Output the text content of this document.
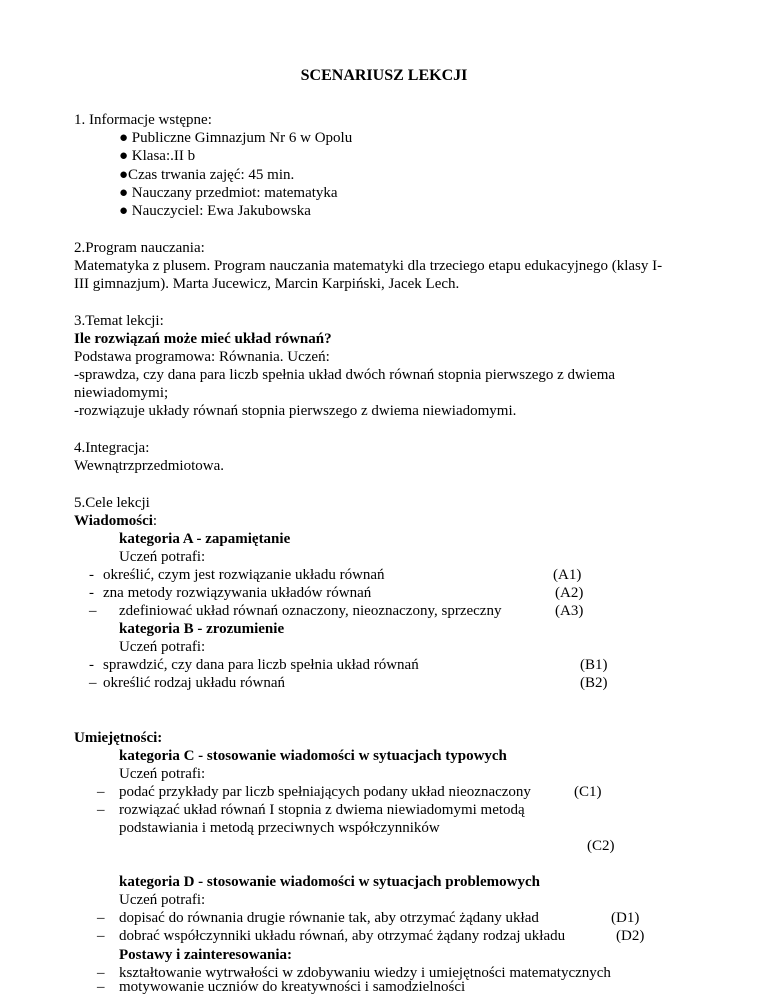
SCENARIUSZ LEKCJI
1. Informacje wstępne:
● Publiczne Gimnazjum Nr 6 w Opolu
● Klasa:.II b
●Czas trwania zajęć: 45 min.
● Nauczany przedmiot: matematyka
● Nauczyciel: Ewa Jakubowska
2.Program nauczania:
Matematyka z plusem. Program nauczania matematyki dla trzeciego etapu edukacyjnego (klasy I-
III gimnazjum). Marta Jucewicz, Marcin Karpiński, Jacek Lech.
3.Temat lekcji:
Ile rozwiązań może mieć układ równań?
Podstawa programowa: Równania. Uczeń:
-sprawdza, czy dana para liczb spełnia układ dwóch równań stopnia pierwszego z dwiema
niewiadomymi;
-rozwiązuje układy równań stopnia pierwszego z dwiema niewiadomymi.
4.Integracja:
Wewnątrzprzedmiotowa.
5.Cele lekcji
Wiadomości:
kategoria A - zapamiętanie
Uczeń potrafi:
- określić, czym jest rozwiązanie układu równań	(A1)
- zna metody rozwiązywania układów równań	(A2)
– zdefiniować układ równań oznaczony, nieoznaczony, sprzeczny	(A3)
kategoria B - zrozumienie
Uczeń potrafi:
- sprawdzić, czy dana para liczb spełnia układ równań	(B1)
– określić rodzaj układu równań	(B2)
Umiejętności:
kategoria C - stosowanie wiadomości w sytuacjach typowych
Uczeń potrafi:
– podać przykłady par liczb spełniających podany układ nieoznaczony	(C1)
– rozwiązać układ równań I stopnia z dwiema niewiadomymi metodą
podstawiania i metodą przeciwnych współczynników
(C2)
kategoria D - stosowanie wiadomości w sytuacjach problemowych
Uczeń potrafi:
– dopisać do równania drugie równanie tak, aby otrzymać żądany układ	(D1)
– dobrać współczynniki układu równań, aby otrzymać żądany rodzaj układu	(D2)
Postawy i zainteresowania:
– kształtowanie wytrwałości w zdobywaniu wiedzy i umiejętności matematycznych
– motywowanie uczniów do kreatywności i samodzielności
